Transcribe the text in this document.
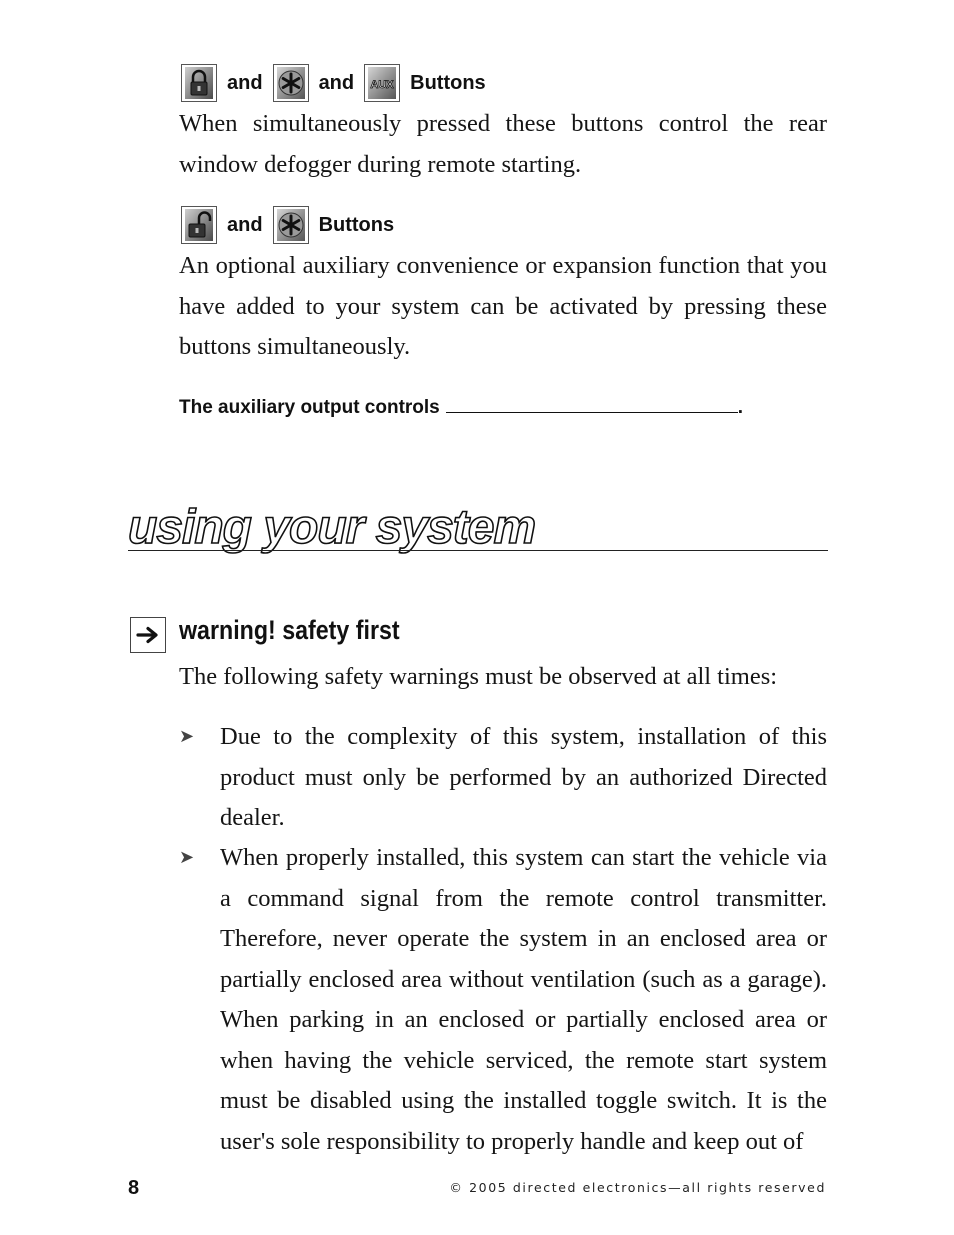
and	and AUX Buttons

When simultaneously pressed these buttons control the rear window defogger during remote starting.

and	Buttons

An optional auxiliary convenience or expansion function that you have added to your system can be activated by pressing these buttons simultaneously.

The auxiliary output controls	.
using your system
warning! safety first

The following safety warnings must be observed at all times:

➤	Due to the complexity of this system, installation of this product must only be performed by an authorized Directed dealer.

➤	When properly installed, this system can start the vehicle via a command signal from the remote control transmitter. Therefore, never operate the system in an enclosed area or partially enclosed area without ventilation (such as a garage). When parking in an enclosed or partially enclosed area or when having the vehicle serviced, the remote start system must be disabled using the installed toggle switch. It is the user's sole responsibility to properly handle and keep out of

8	© 2005 directed electronics—all rights reserved
